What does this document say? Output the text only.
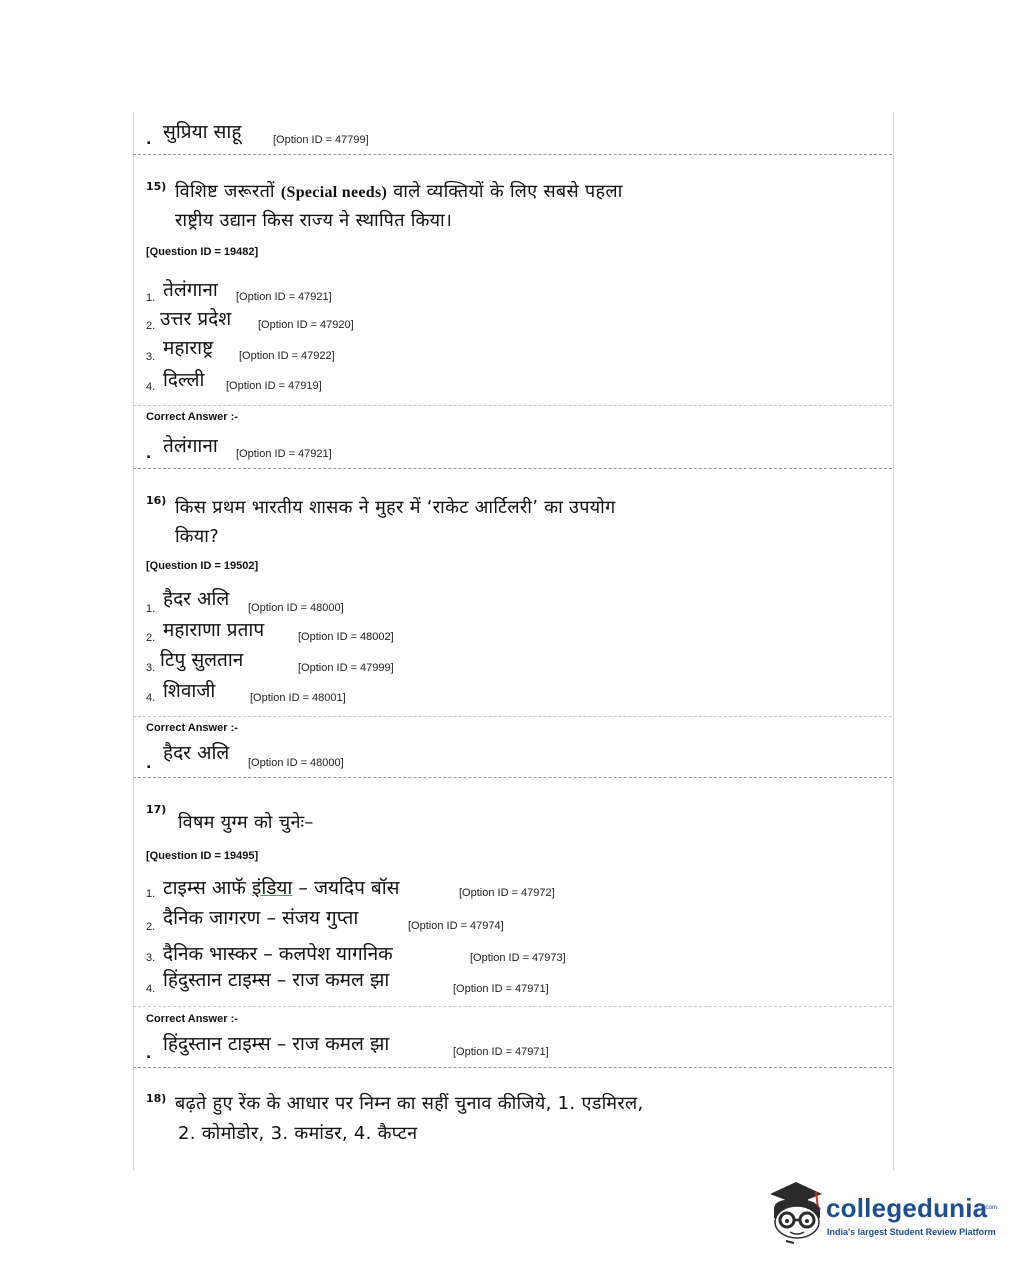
. सुप्रिया साहू	[Option ID = 47799]
15) विशिष्ट जरूरतों (Special needs) वाले व्यक्तियों के लिए सबसे पहला
राष्ट्रीय उद्यान किस राज्य ने स्थापित किया।
[Question ID = 19482]
1. तेलंगाना [Option ID = 47921]
2. उत्तर प्रदेश [Option ID = 47920]
3. महाराष्ट्र [Option ID = 47922]
4. दिल्ली [Option ID = 47919]
Correct Answer :-
. तेलंगाना [Option ID = 47921]
16) किस प्रथम भारतीय शासक ने मुहर में ‘राकेट आर्टिलरी’ का उपयोग
किया?
[Question ID = 19502]
1. हैदर अलि [Option ID = 48000]
2. महाराणा प्रताप	[Option ID = 48002]
3. टिपु सुलतान	[Option ID = 47999]
4. शिवाजी	[Option ID = 48001]
Correct Answer :-
. हैदर अलि [Option ID = 48000]
17)
विषम युग्म को चुनेः–
[Question ID = 19495]
1. टाइम्स आफॅ इंडिया – जयदिप बॉस	[Option ID = 47972]
2. दैनिक जागरण – संजय गुप्ता	[Option ID = 47974]
3. दैनिक भास्कर – कलपेश यागनिक	[Option ID = 47973]
4. हिंदुस्तान टाइम्स – राज कमल झा	[Option ID = 47971]
Correct Answer :-
. हिंदुस्तान टाइम्स – राज कमल झा	[Option ID = 47971]
18) बढ़ते हुए रेंक के आधार पर निम्न का सहीं चुनाव कीजिये, 1. एडमिरल,
2. कोमोडोर, 3. कमांडर, 4. कैप्टन
collegedunia
.com
India's largest Student Review Platform
